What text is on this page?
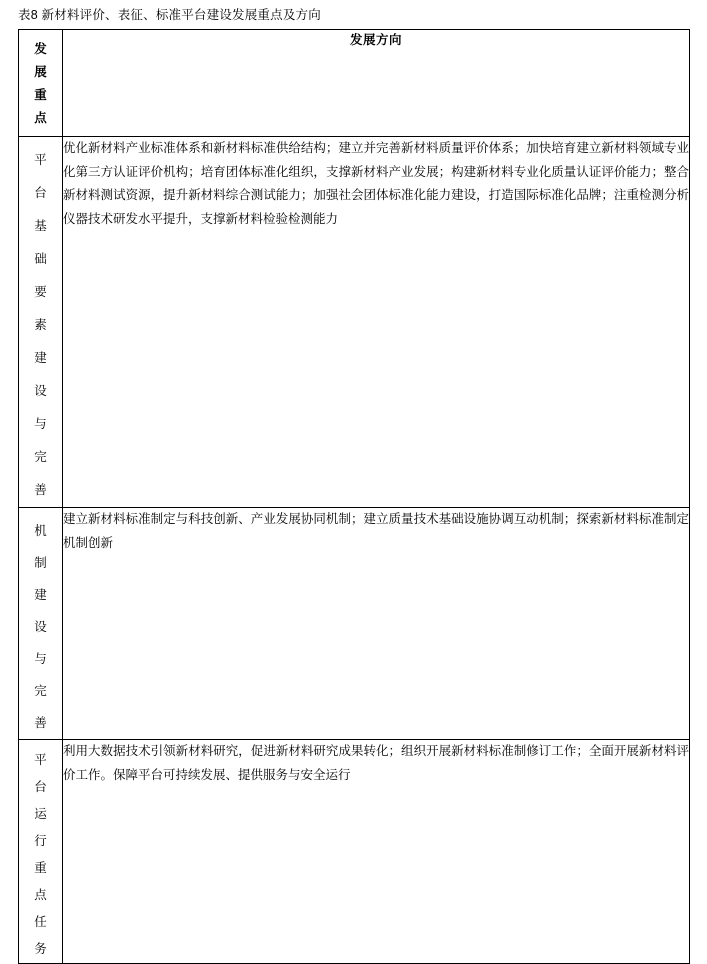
表8 新材料评价、表征、标准平台建设发展重点及方向
发
展
重
点	发展方向

平
台
基
础
要
素
建
设
与
完
善
	优化新材料产业标准体系和新材料标准供给结构；建立并完善新材料质量评价体系；加快培育建立新材料领域专业化第三方认证评价机构；培育团体标准化组织，支撑新材料产业发展；构建新材料专业化质量认证评价能力；整合新材料测试资源，提升新材料综合测试能力；加强社会团体标准化能力建设，打造国际标准化品牌；注重检测分析仪器技术研发水平提升，支撑新材料检验检测能力

机
制
建
设
与
完
善
	建立新材料标准制定与科技创新、产业发展协同机制；建立质量技术基础设施协调互动机制；探索新材料标准制定机制创新

平
台
运
行
重
点
任
务
	利用大数据技术引领新材料研究，促进新材料研究成果转化；组织开展新材料标准制修订工作；全面开展新材料评价工作。保障平台可持续发展、提供服务与安全运行
